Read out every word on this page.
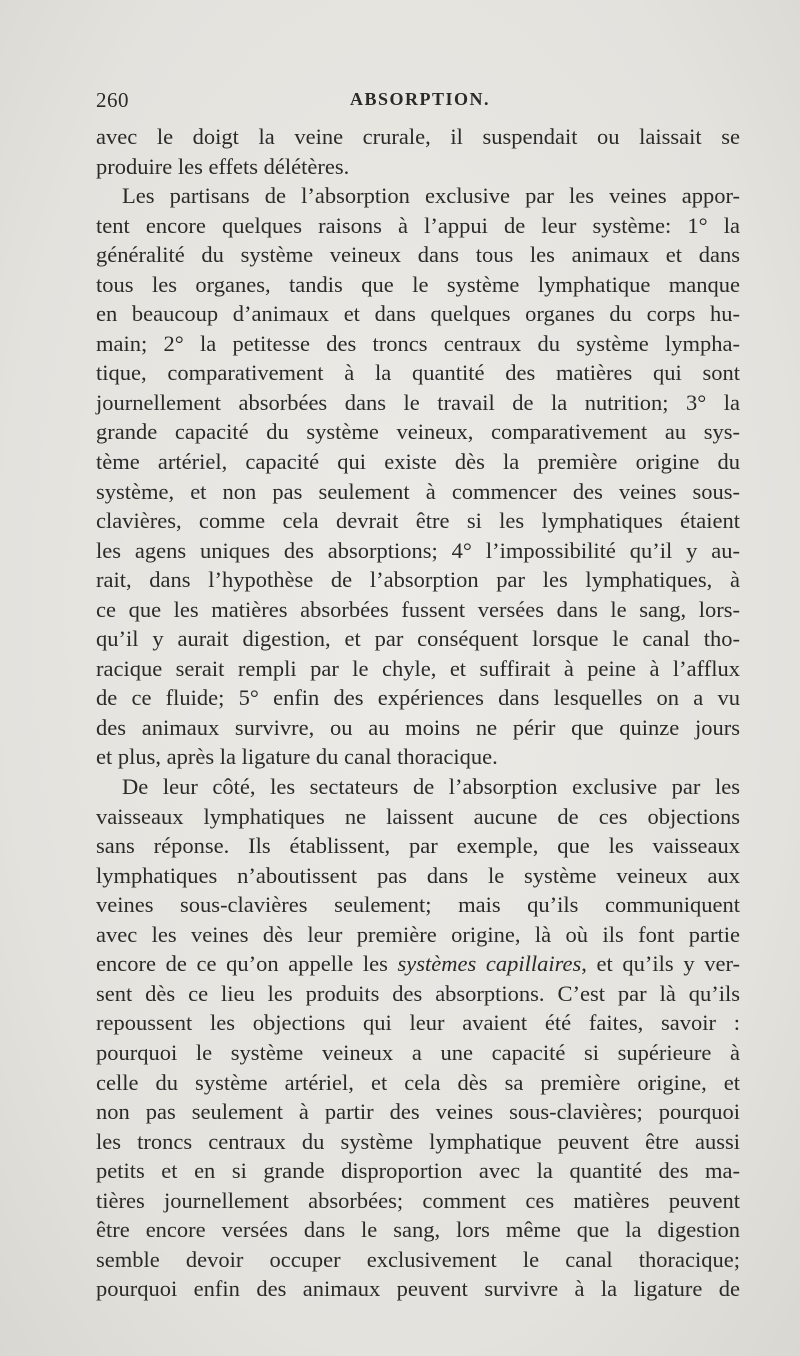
260	ABSORPTION.
avec le doigt la veine crurale, il suspendait ou laissait se
produire les effets délétères.
Les partisans de l’absorption exclusive par les veines appor-
tent encore quelques raisons à l’appui de leur système: 1° la
généralité du système veineux dans tous les animaux et dans
tous les organes, tandis que le système lymphatique manque
en beaucoup d’animaux et dans quelques organes du corps hu-
main; 2° la petitesse des troncs centraux du système lympha-
tique, comparativement à la quantité des matières qui sont
journellement absorbées dans le travail de la nutrition; 3° la
grande capacité du système veineux, comparativement au sys-
tème artériel, capacité qui existe dès la première origine du
système, et non pas seulement à commencer des veines sous-
clavières, comme cela devrait être si les lymphatiques étaient
les agens uniques des absorptions; 4° l’impossibilité qu’il y au-
rait, dans l’hypothèse de l’absorption par les lymphatiques, à
ce que les matières absorbées fussent versées dans le sang, lors-
qu’il y aurait digestion, et par conséquent lorsque le canal tho-
racique serait rempli par le chyle, et suffirait à peine à l’afflux
de ce fluide; 5° enfin des expériences dans lesquelles on a vu
des animaux survivre, ou au moins ne périr que quinze jours
et plus, après la ligature du canal thoracique.
De leur côté, les sectateurs de l’absorption exclusive par les
vaisseaux lymphatiques ne laissent aucune de ces objections
sans réponse. Ils établissent, par exemple, que les vaisseaux
lymphatiques n’aboutissent pas dans le système veineux aux
veines sous-clavières seulement; mais qu’ils communiquent
avec les veines dès leur première origine, là où ils font partie
encore de ce qu’on appelle les systèmes capillaires, et qu’ils y ver-
sent dès ce lieu les produits des absorptions. C’est par là qu’ils
repoussent les objections qui leur avaient été faites, savoir :
pourquoi le système veineux a une capacité si supérieure à
celle du système artériel, et cela dès sa première origine, et
non pas seulement à partir des veines sous-clavières; pourquoi
les troncs centraux du système lymphatique peuvent être aussi
petits et en si grande disproportion avec la quantité des ma-
tières journellement absorbées; comment ces matières peuvent
être encore versées dans le sang, lors même que la digestion
semble devoir occuper exclusivement le canal thoracique;
pourquoi enfin des animaux peuvent survivre à la ligature de
